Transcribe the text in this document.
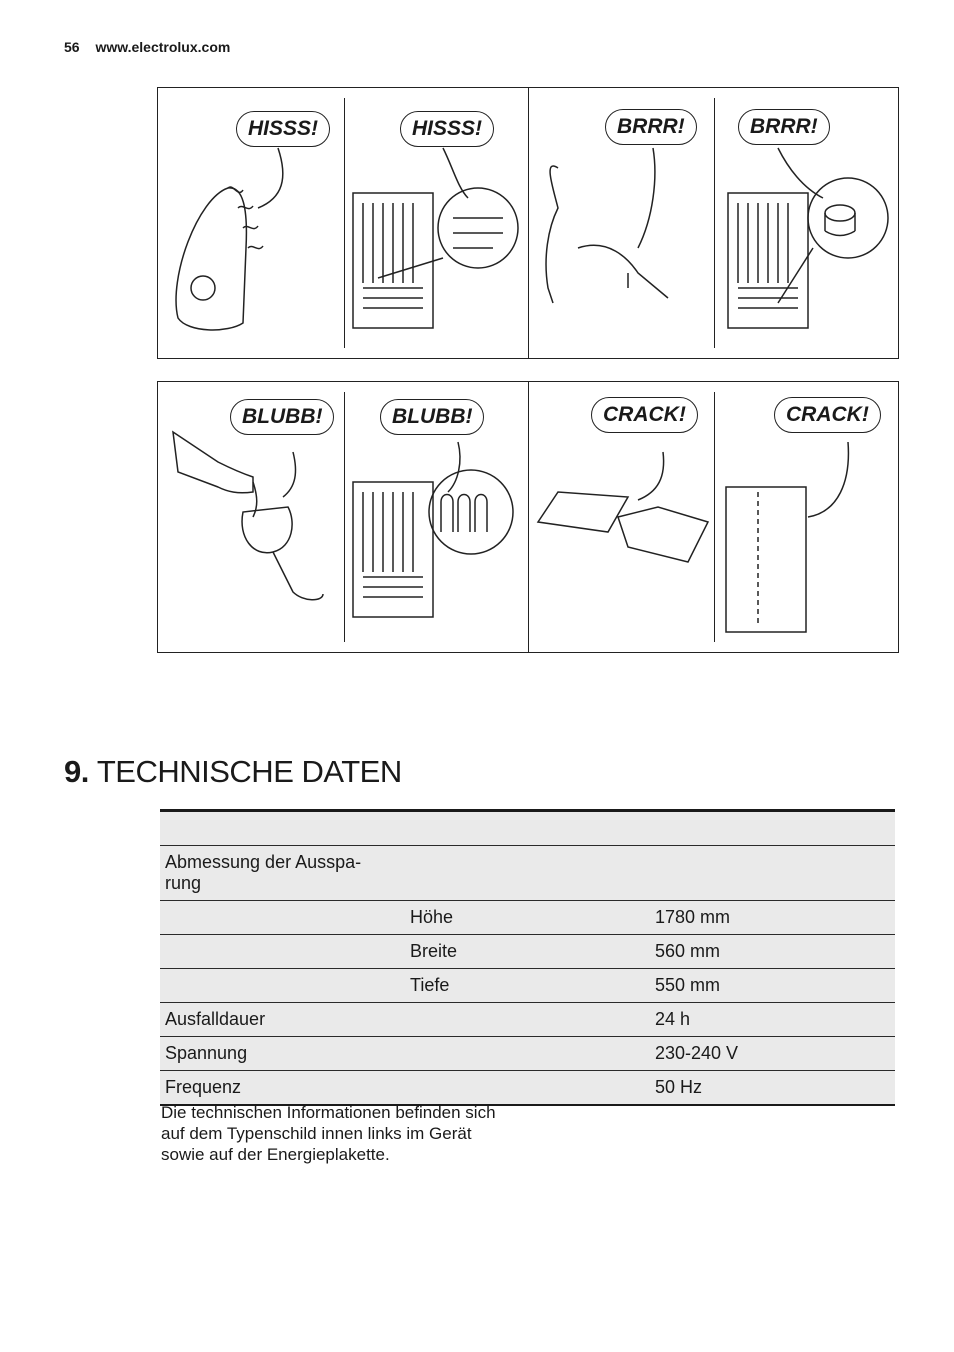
56 www.electrolux.com
HISSS!	HISSS!	BRRR!	BRRR!
BLUBB!	BLUBB!	CRACK!	CRACK!
9. TECHNISCHE DATEN

Abmessung der Ausspa-
rung		
	Höhe	1780 mm
	Breite	560 mm
	Tiefe	550 mm
Ausfalldauer		24 h
Spannung		230-240 V
Frequenz		50 Hz
Die technischen Informationen befinden sich auf dem Typenschild innen links im Gerät sowie auf der Energieplakette.
